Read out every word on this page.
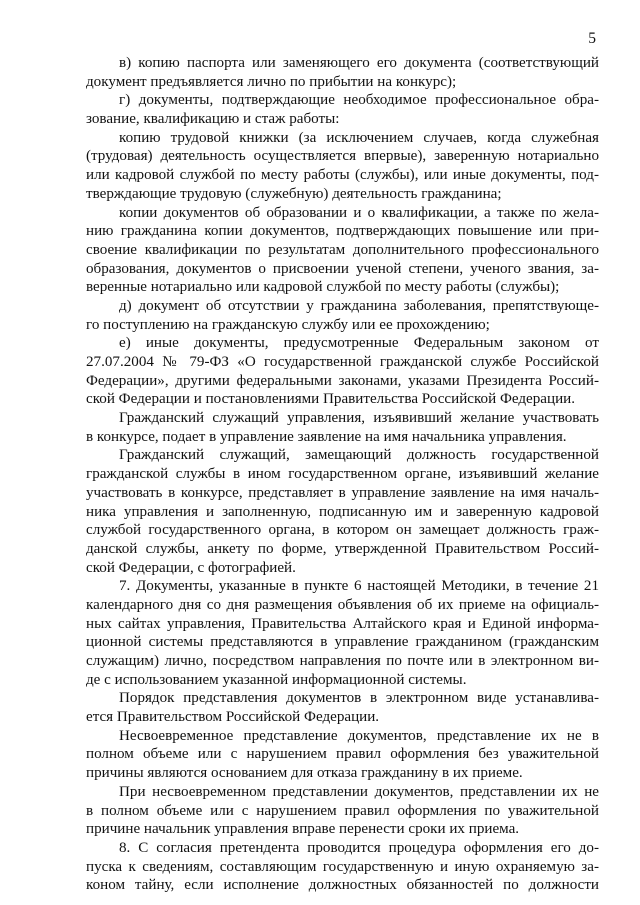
5
в) копию паспорта или заменяющего его документа (соответствующий
документ предъявляется лично по прибытии на конкурс);
г) документы, подтверждающие необходимое профессиональное обра-
зование, квалификацию и стаж работы:
копию трудовой книжки (за исключением случаев, когда служебная
(трудовая) деятельность осуществляется впервые), заверенную нотариально
или кадровой службой по месту работы (службы), или иные документы, под-
тверждающие трудовую (служебную) деятельность гражданина;
копии документов об образовании и о квалификации, а также по жела-
нию гражданина копии документов, подтверждающих повышение или при-
своение квалификации по результатам дополнительного профессионального
образования, документов о присвоении ученой степени, ученого звания, за-
веренные нотариально или кадровой службой по месту работы (службы);
д) документ об отсутствии у гражданина заболевания, препятствующе-
го поступлению на гражданскую службу или ее прохождению;
е) иные документы, предусмотренные Федеральным законом от
27.07.2004 № 79-ФЗ «О государственной гражданской службе Российской
Федерации», другими федеральными законами, указами Президента Россий-
ской Федерации и постановлениями Правительства Российской Федерации.
Гражданский служащий управления, изъявивший желание участвовать
в конкурсе, подает в управление заявление на имя начальника управления.
Гражданский служащий, замещающий должность государственной
гражданской службы в ином государственном органе, изъявивший желание
участвовать в конкурсе, представляет в управление заявление на имя началь-
ника управления и заполненную, подписанную им и заверенную кадровой
службой государственного органа, в котором он замещает должность граж-
данской службы, анкету по форме, утвержденной Правительством Россий-
ской Федерации, с фотографией.
7. Документы, указанные в пункте 6 настоящей Методики, в течение 21
календарного дня со дня размещения объявления об их приеме на официаль-
ных сайтах управления, Правительства Алтайского края и Единой информа-
ционной системы представляются в управление гражданином (гражданским
служащим) лично, посредством направления по почте или в электронном ви-
де с использованием указанной информационной системы.
Порядок представления документов в электронном виде устанавлива-
ется Правительством Российской Федерации.
Несвоевременное представление документов, представление их не в
полном объеме или с нарушением правил оформления без уважительной
причины являются основанием для отказа гражданину в их приеме.
При несвоевременном представлении документов, представлении их не
в полном объеме или с нарушением правил оформления по уважительной
причине начальник управления вправе перенести сроки их приема.
8. С согласия претендента проводится процедура оформления его до-
пуска к сведениям, составляющим государственную и иную охраняемую за-
коном тайну, если исполнение должностных обязанностей по должности
